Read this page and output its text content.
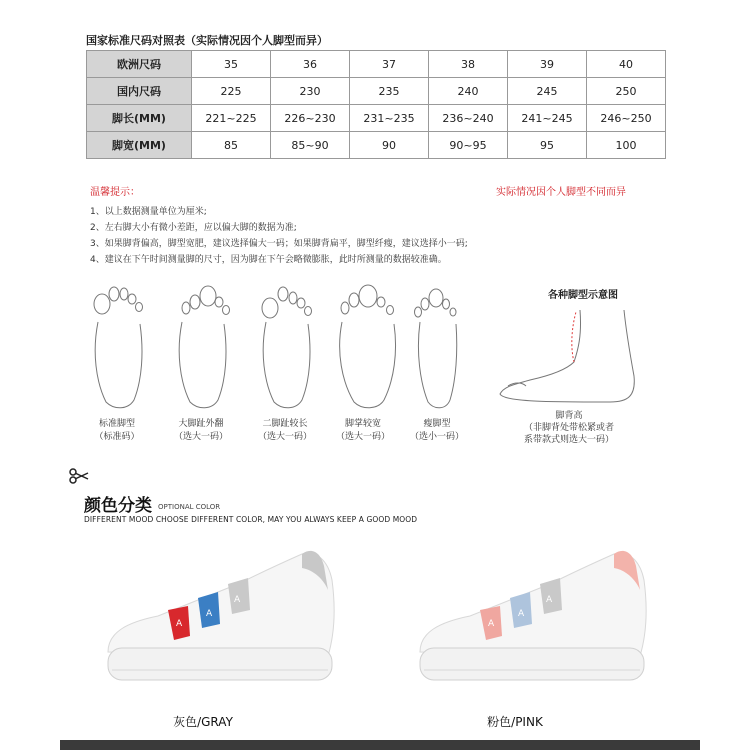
国家标准尺码对照表（实际情况因个人脚型而异）
欧洲尺码	35	36	37	38	39	40
国内尺码	225	230	235	240	245	250
脚长(MM)	221~225	226~230	231~235	236~240	241~245	246~250
脚宽(MM)	85	85~90	90	90~95	95	100
温馨提示：	实际情况因个人脚型不同而异
1、以上数据测量单位为厘米;
2、左右脚大小有微小差距，应以偏大脚的数据为准;
3、如果脚背偏高，脚型宽肥，建议选择偏大一码；如果脚背扁平，脚型纤瘦，建议选择小一码;
4、建议在下午时间测量脚的尺寸，因为脚在下午会略微膨胀，此时所测量的数据较准确。
标准脚型
（标准码）
大脚趾外翻
（选大一码）
二脚趾较长
（选大一码）
脚掌较宽
（选大一码）
瘦脚型
（选小一码）
各种脚型示意图
脚背高
（非脚背处带松紧或者
系带款式则选大一码）
颜色分类 OPTIONAL COLOR
DIFFERENT MOOD CHOOSE DIFFERENT COLOR, MAY YOU ALWAYS KEEP A GOOD MOOD
A
A
A
A
A
A
灰色/GRAY	粉色/PINK
